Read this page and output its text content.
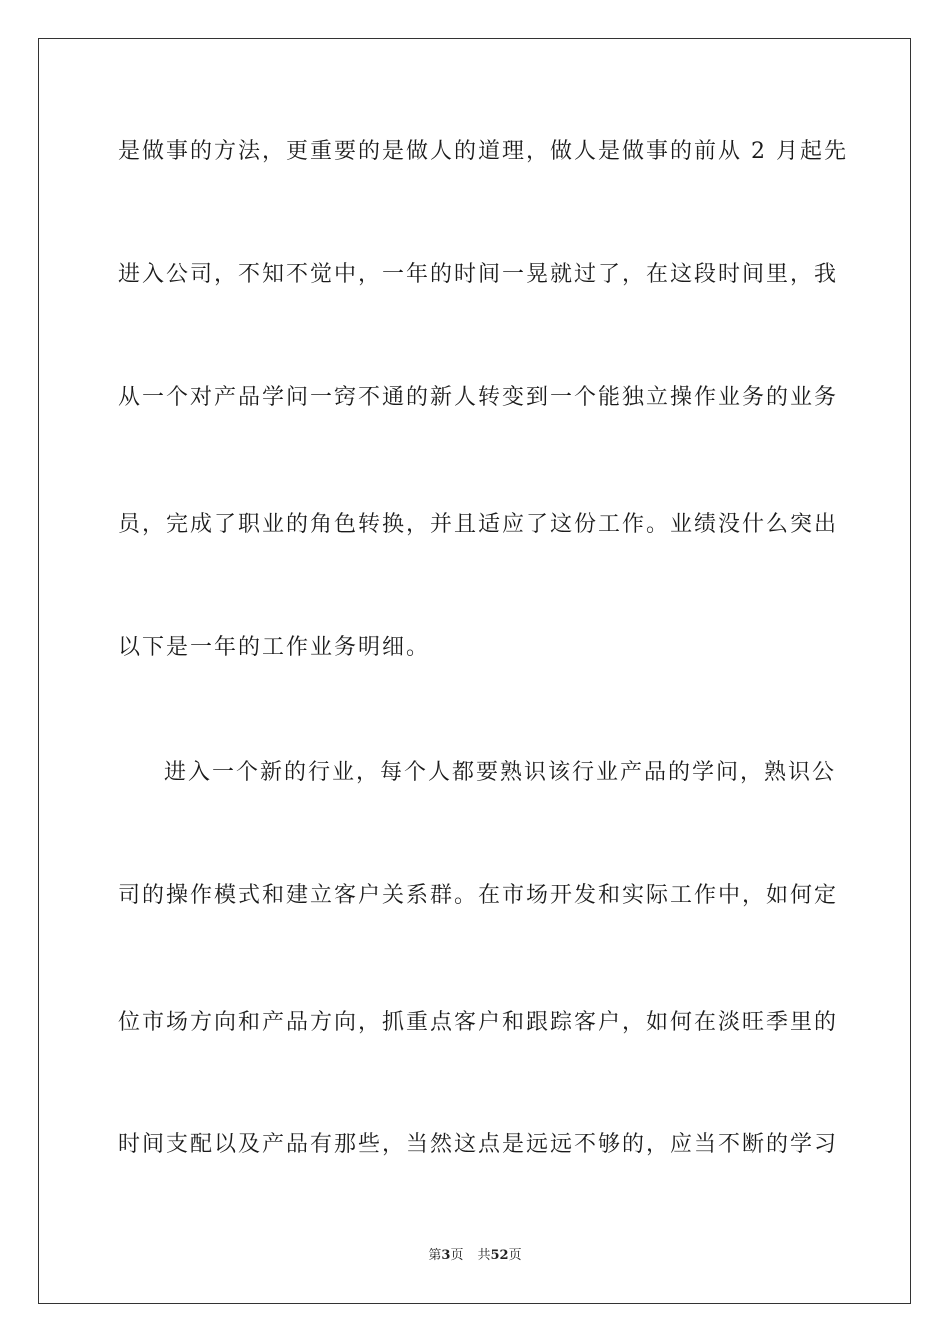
是做事的方法，更重要的是做人的道理，做人是做事的前从 2 月起先
进入公司，不知不觉中，一年的时间一晃就过了，在这段时间里，我
从一个对产品学问一窍不通的新人转变到一个能独立操作业务的业务
员，完成了职业的角色转换，并且适应了这份工作。业绩没什么突出
以下是一年的工作业务明细。
进入一个新的行业，每个人都要熟识该行业产品的学问，熟识公
司的操作模式和建立客户关系群。在市场开发和实际工作中，如何定
位市场方向和产品方向，抓重点客户和跟踪客户，如何在淡旺季里的
时间支配以及产品有那些，当然这点是远远不够的，应当不断的学习
第3页 共52页
